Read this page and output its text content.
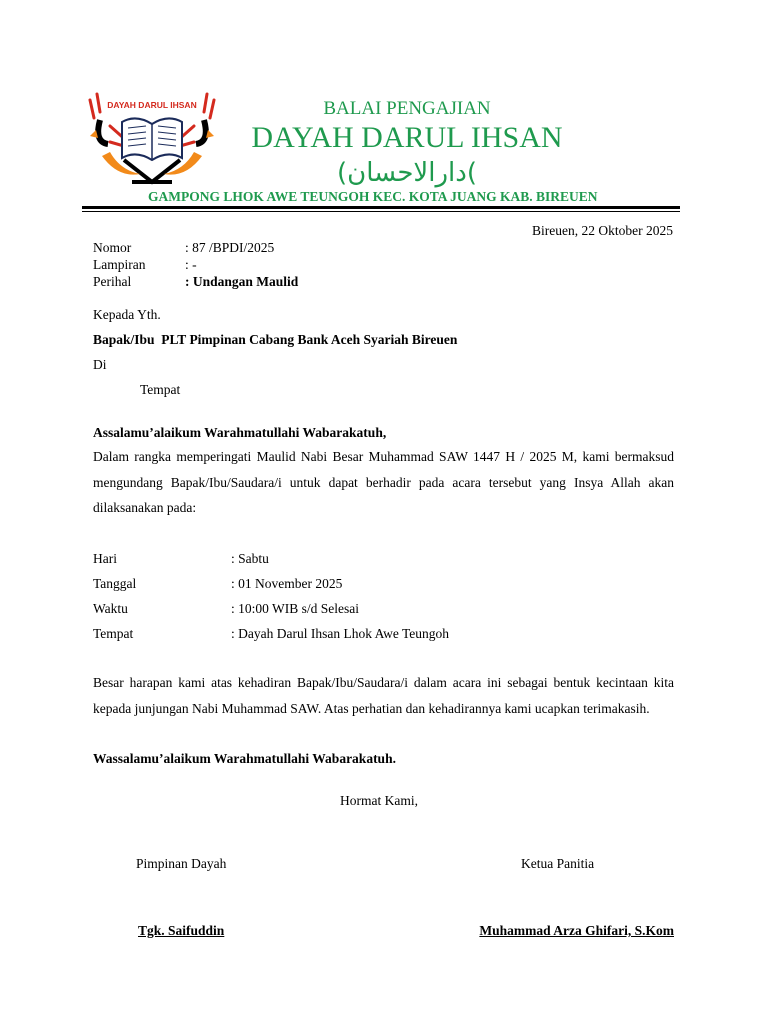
DAYAH DARUL IHSAN	BALAI PENGAJIAN
DAYAH DARUL IHSAN
(دارالاحسان(
GAMPONG LHOK AWE TEUNGOH KEC. KOTA JUANG KAB. BIREUEN
Bireuen, 22 Oktober 2025
Nomor	: 87 /BPDI/2025
Lampiran	: -
Perihal	: Undangan Maulid
Kepada Yth.
Bapak/Ibu  PLT Pimpinan Cabang Bank Aceh Syariah Bireuen
Di
Tempat
Assalamu’alaikum Warahmatullahi Wabarakatuh,
Dalam rangka memperingati Maulid Nabi Besar Muhammad SAW 1447 H / 2025 M, kami bermaksud mengundang Bapak/Ibu/Saudara/i untuk dapat berhadir pada acara tersebut yang Insya Allah akan dilaksanakan pada:
Hari	: Sabtu
Tanggal	: 01 November 2025
Waktu	: 10:00 WIB s/d Selesai
Tempat	: Dayah Darul Ihsan Lhok Awe Teungoh
Besar harapan kami atas kehadiran Bapak/Ibu/Saudara/i dalam acara ini sebagai bentuk kecintaan kita kepada junjungan Nabi Muhammad SAW. Atas perhatian dan kehadirannya kami ucapkan terimakasih.
Wassalamu’alaikum Warahmatullahi Wabarakatuh.
Hormat Kami,
Pimpinan Dayah	Ketua Panitia
Tgk. Saifuddin	Muhammad Arza Ghifari, S.Kom
